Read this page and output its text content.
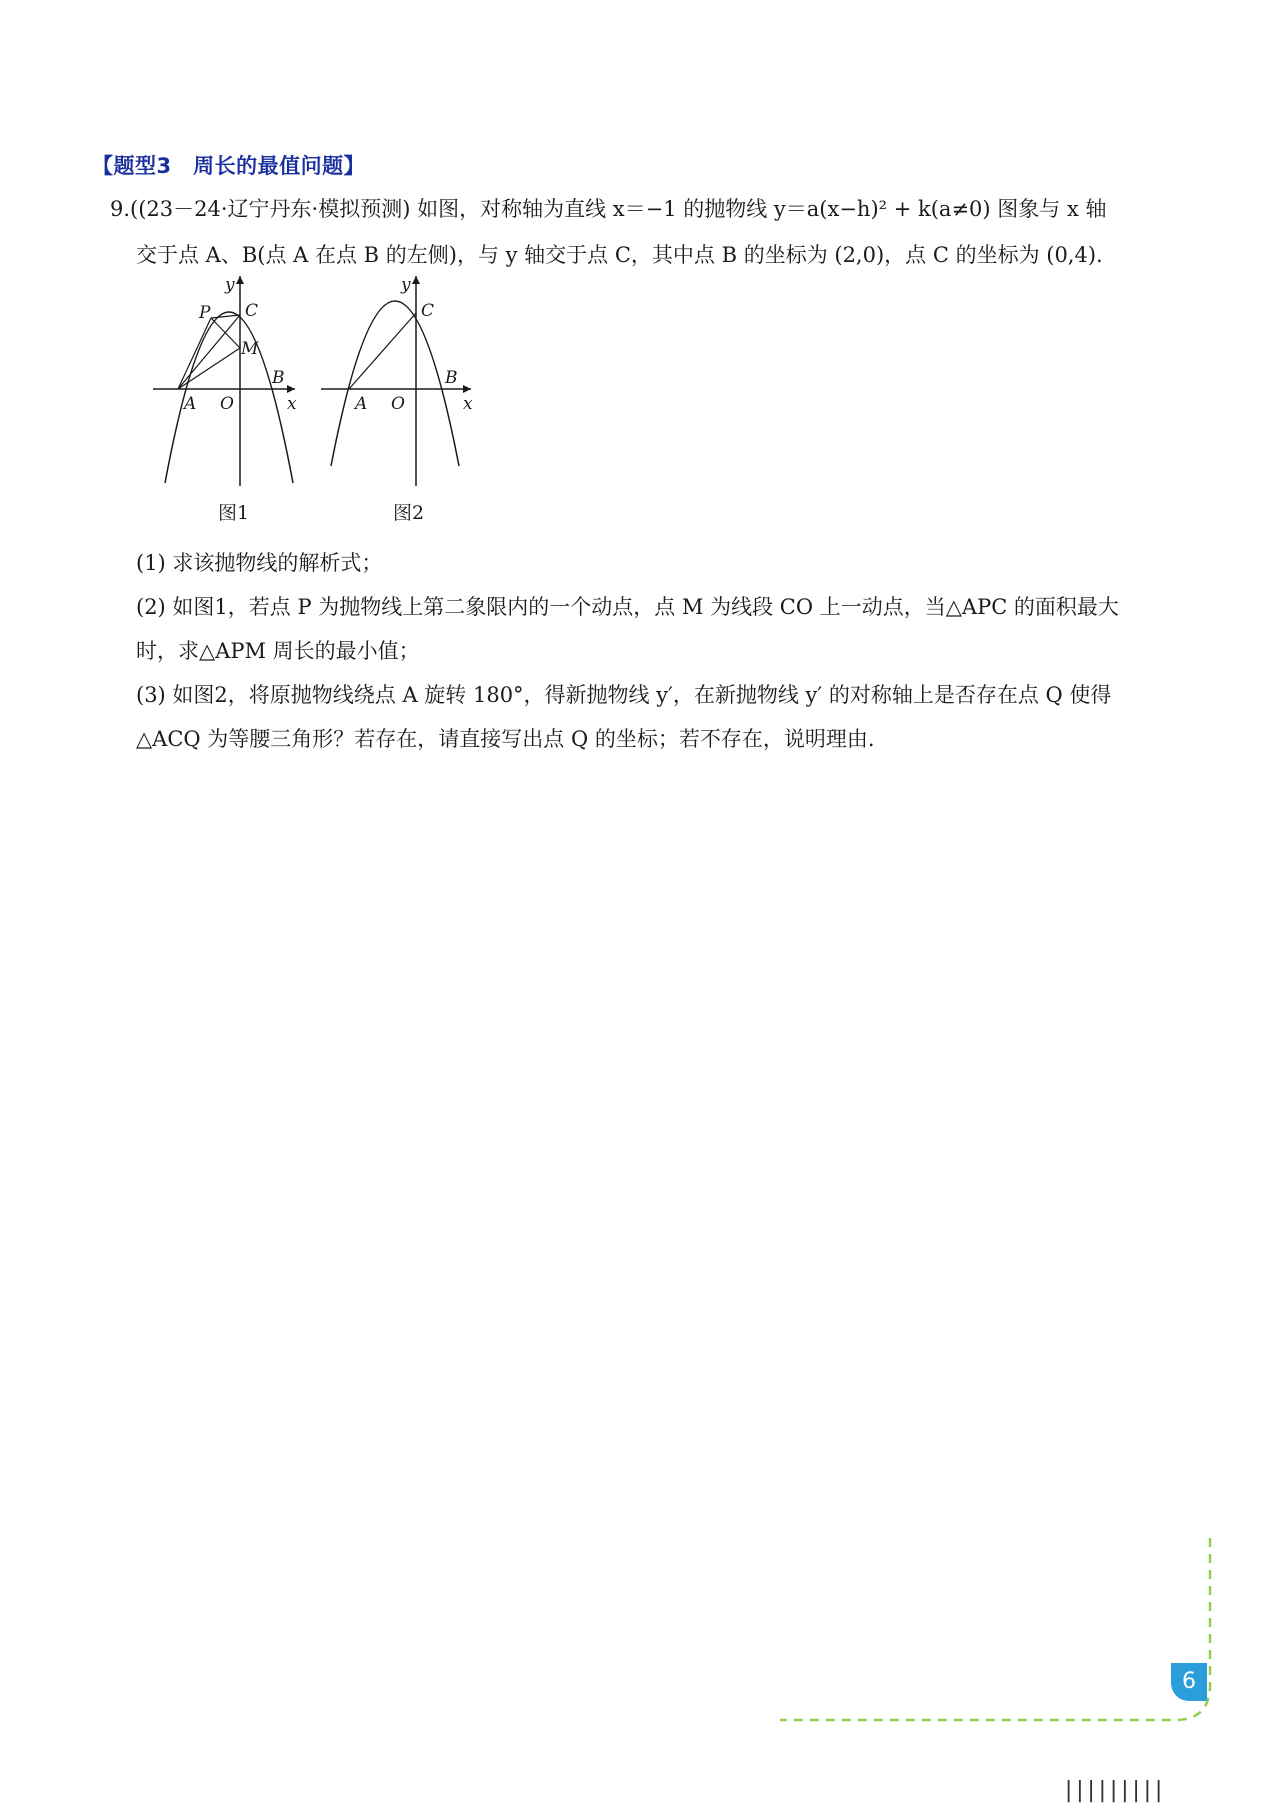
【题型3　周长的最值问题】
9.((23－24·辽宁丹东·模拟预测) 如图，对称轴为直线 x＝−1 的抛物线 y＝a(x−h)² + k(a≠0) 图象与 x 轴
交于点 A、B(点 A 在点 B 的左侧)，与 y 轴交于点 C，其中点 B 的坐标为 (2,0)，点 C 的坐标为 (0,4).
y
x
P C
M
B
A O
图1
y
x
C
B
A O
图2
(1) 求该抛物线的解析式；
(2) 如图1，若点 P 为抛物线上第二象限内的一个动点，点 M 为线段 CO 上一动点，当△APC 的面积最大
时，求△APM 周长的最小值；
(3) 如图2，将原抛物线绕点 A 旋转 180°，得新抛物线 y′，在新抛物线 y′ 的对称轴上是否存在点 Q 使得
△ACQ 为等腰三角形？若存在，请直接写出点 Q 的坐标；若不存在，说明理由.
6
|||||||||
